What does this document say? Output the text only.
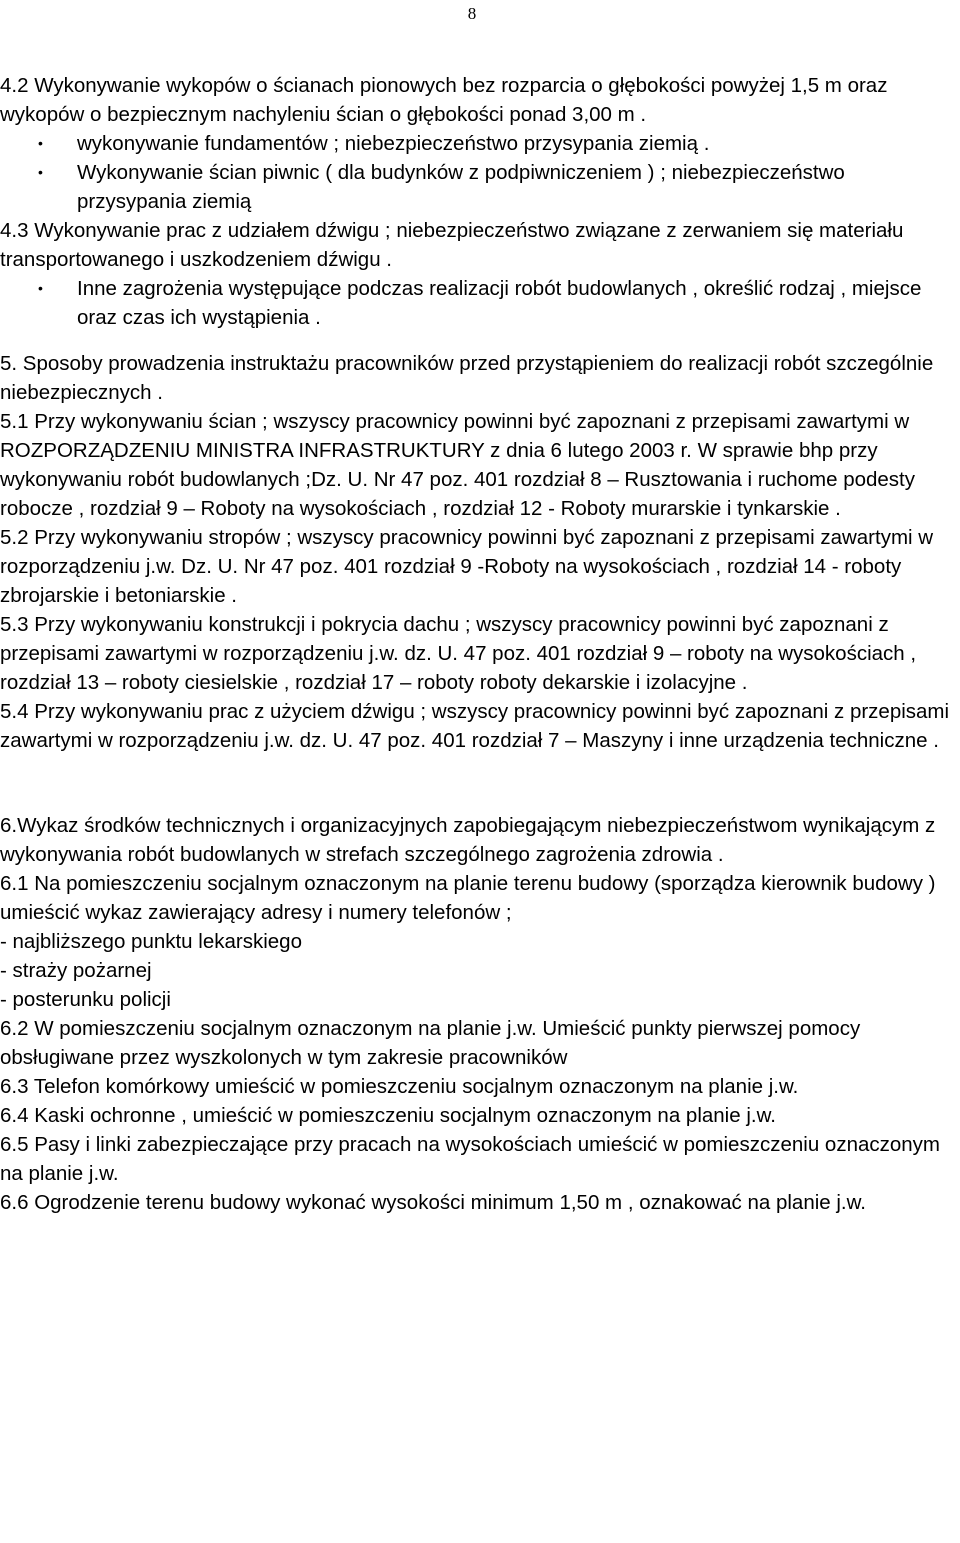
8

4.2 Wykonywanie wykopów o ścianach pionowych bez rozparcia o głębokości powyżej 1,5 m oraz wykopów o bezpiecznym nachyleniu ścian o głębokości ponad 3,00 m .

• wykonywanie fundamentów ; niebezpieczeństwo przysypania ziemią .
• Wykonywanie ścian piwnic ( dla budynków z podpiwniczeniem ) ; niebezpieczeństwo przysypania ziemią

4.3 Wykonywanie prac z udziałem dźwigu ; niebezpieczeństwo związane z zerwaniem się materiału transportowanego i uszkodzeniem dźwigu .

• Inne zagrożenia występujące podczas realizacji robót budowlanych , określić rodzaj , miejsce oraz czas ich wystąpienia .

5. Sposoby prowadzenia instruktażu pracowników przed przystąpieniem do realizacji robót szczególnie niebezpiecznych .

5.1 Przy wykonywaniu ścian ; wszyscy pracownicy powinni być zapoznani z przepisami zawartymi w ROZPORZĄDZENIU MINISTRA INFRASTRUKTURY z dnia 6 lutego 2003 r. W sprawie bhp przy wykonywaniu robót budowlanych ;Dz. U. Nr 47 poz. 401 rozdział 8 – Rusztowania i ruchome podesty robocze , rozdział 9 – Roboty na wysokościach , rozdział 12 - Roboty murarskie i tynkarskie .

5.2 Przy wykonywaniu stropów ; wszyscy pracownicy powinni być zapoznani z przepisami zawartymi w rozporządzeniu j.w. Dz. U. Nr 47 poz. 401 rozdział 9 -Roboty na wysokościach , rozdział 14 - roboty zbrojarskie i betoniarskie .

5.3 Przy wykonywaniu konstrukcji i pokrycia dachu ; wszyscy pracownicy powinni być zapoznani z przepisami zawartymi w rozporządzeniu j.w. dz. U. 47 poz. 401 rozdział 9 – roboty na wysokościach , rozdział 13 – roboty ciesielskie , rozdział 17 – roboty roboty dekarskie i izolacyjne .

5.4 Przy wykonywaniu prac z użyciem dźwigu ; wszyscy pracownicy powinni być zapoznani z przepisami zawartymi w rozporządzeniu j.w. dz. U. 47 poz. 401 rozdział 7 – Maszyny i inne urządzenia techniczne .

6.Wykaz środków technicznych i organizacyjnych zapobiegającym niebezpieczeństwom wynikającym z wykonywania robót budowlanych w strefach szczególnego zagrożenia zdrowia .

6.1 Na pomieszczeniu socjalnym oznaczonym na planie terenu budowy (sporządza kierownik budowy ) umieścić wykaz zawierający adresy i numery telefonów ;

- najbliższego punktu lekarskiego

- straży pożarnej

- posterunku policji

6.2 W pomieszczeniu socjalnym oznaczonym na planie j.w. Umieścić punkty pierwszej pomocy obsługiwane przez wyszkolonych w tym zakresie pracowników

6.3 Telefon komórkowy umieścić w pomieszczeniu socjalnym oznaczonym na planie j.w.

6.4 Kaski ochronne , umieścić w pomieszczeniu socjalnym oznaczonym na planie j.w.

6.5 Pasy i linki zabezpieczające przy pracach na wysokościach umieścić w pomieszczeniu oznaczonym na planie j.w.

6.6 Ogrodzenie terenu budowy wykonać wysokości minimum 1,50 m , oznakować na planie j.w.
